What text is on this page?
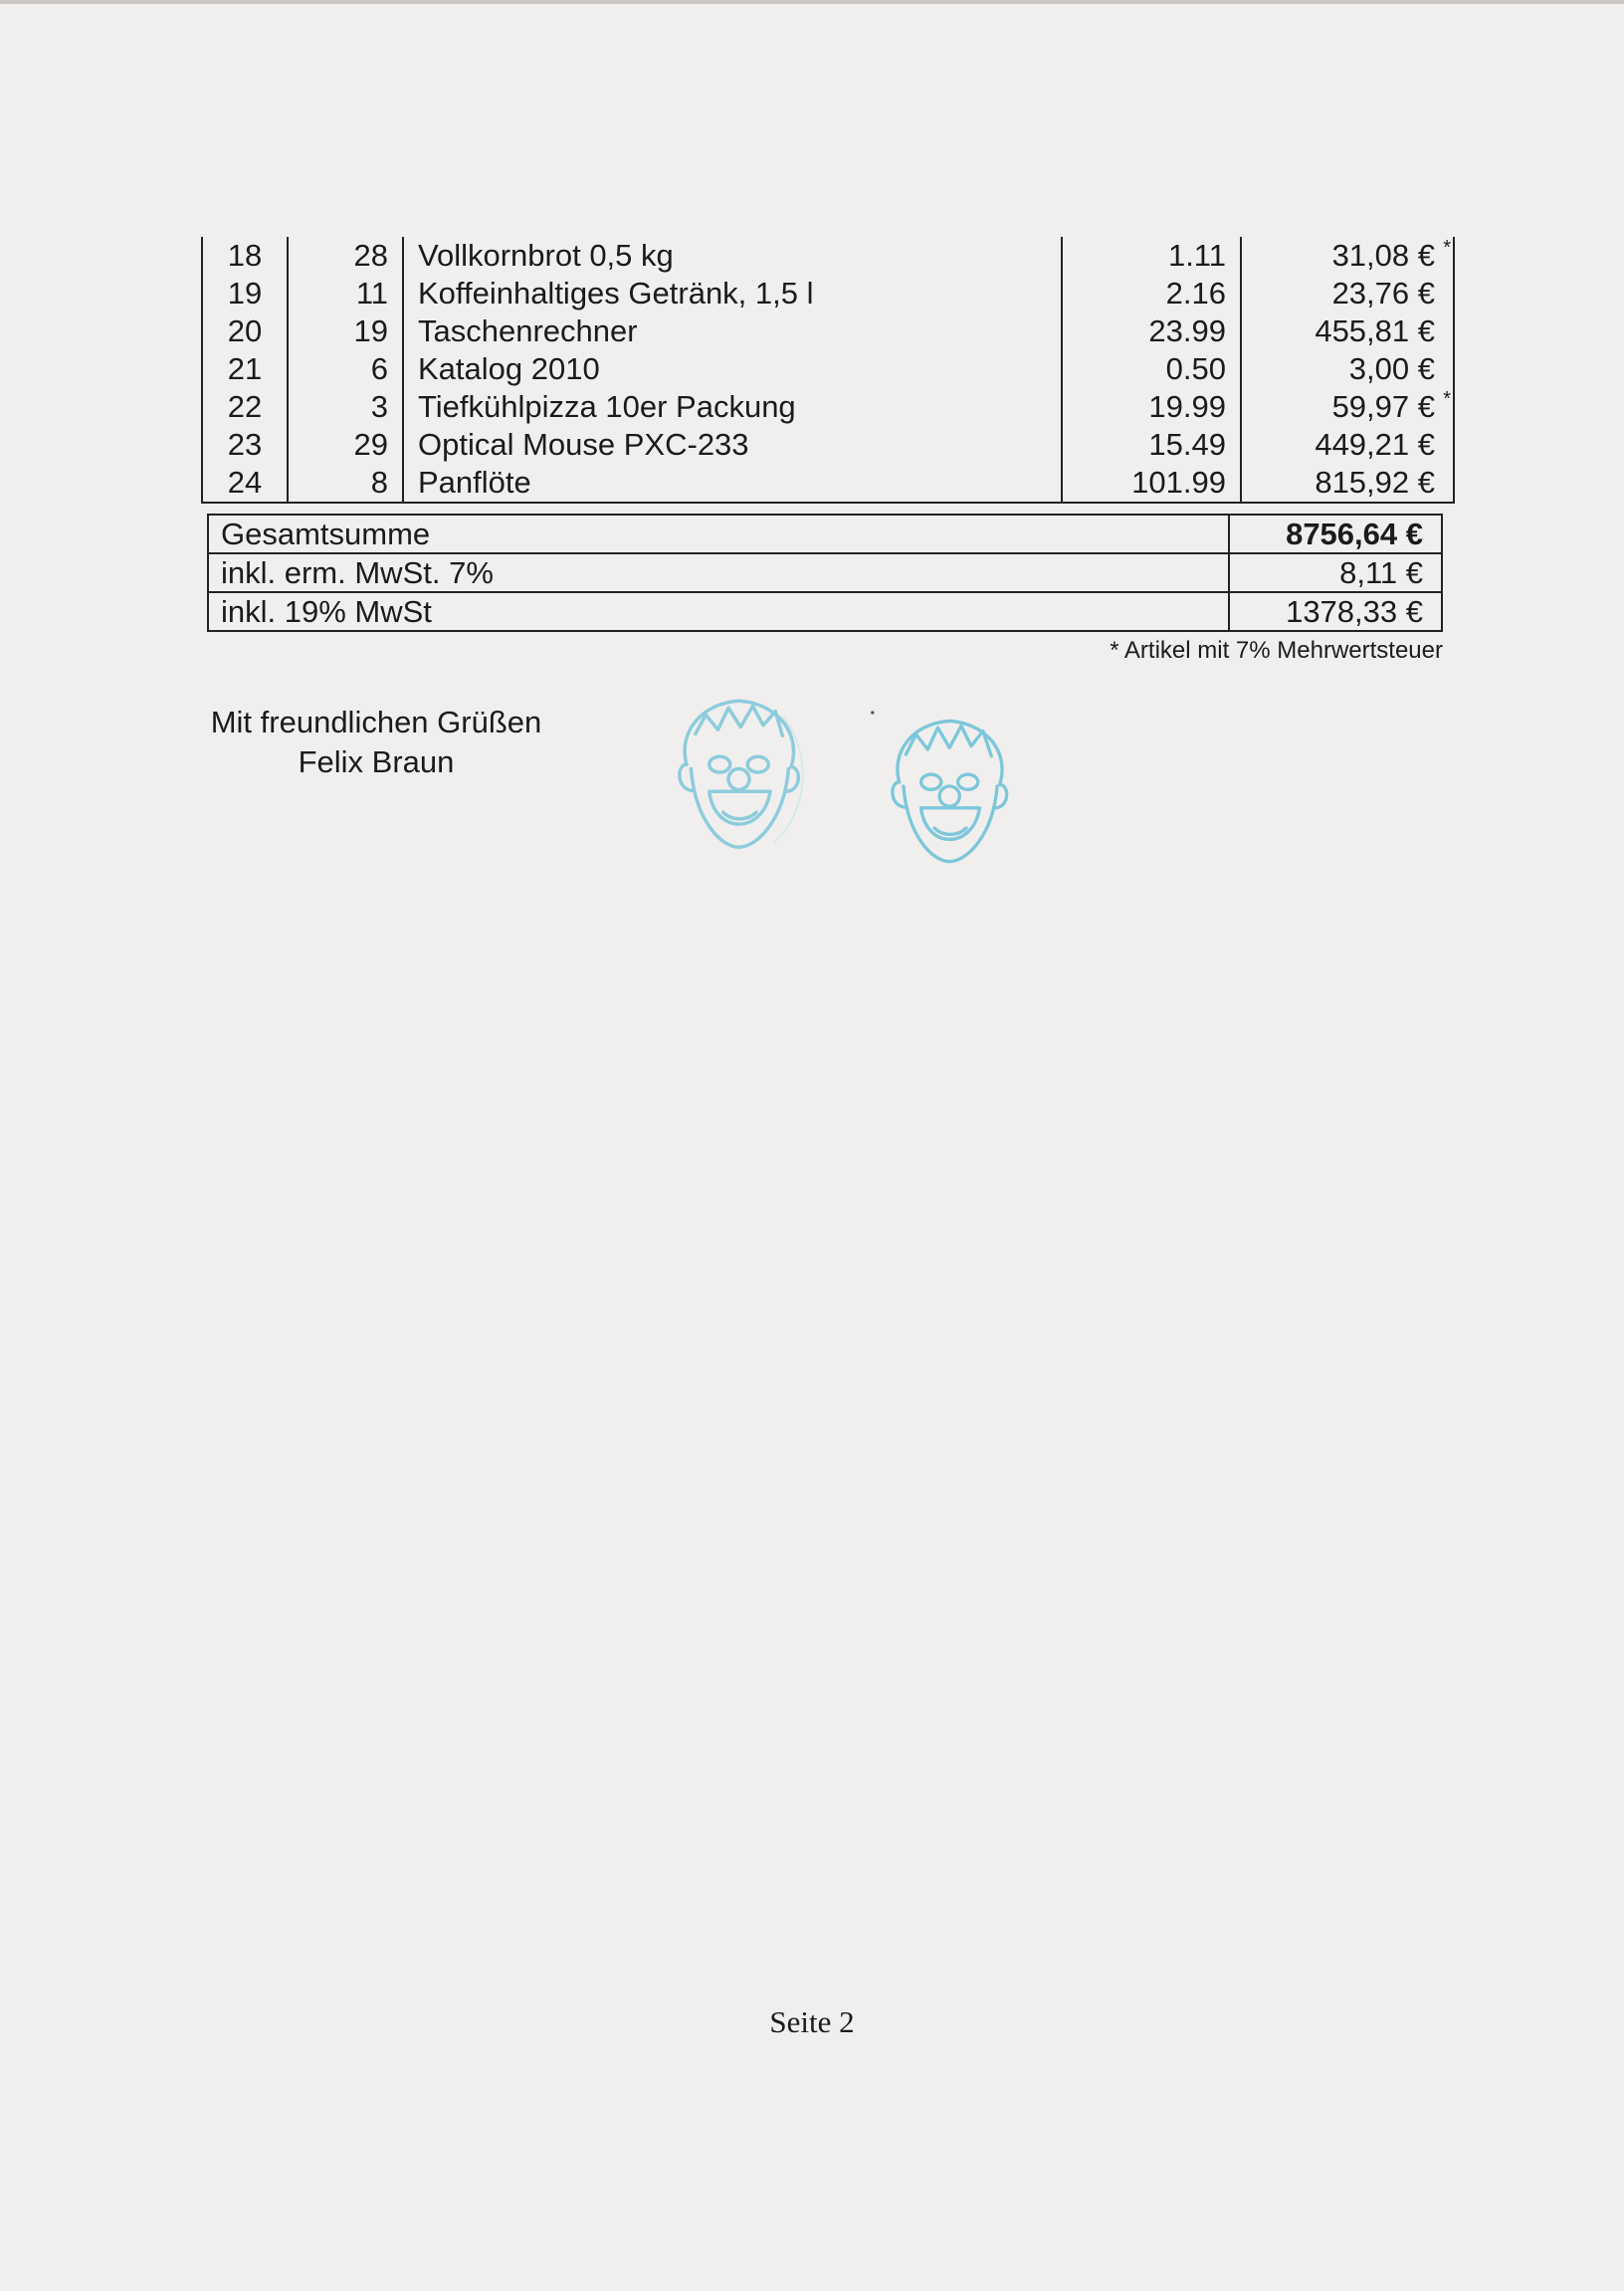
18	28	Vollkornbrot 0,5 kg	1.11	31,08 € *

19	11	Koffeinhaltiges Getränk, 1,5 l	2.16	23,76 €

20	19	Taschenrechner	23.99	455,81 €

21	6	Katalog 2010	0.50	3,00 €

22	3	Tiefkühlpizza 10er Packung	19.99	59,97 € *

23	29	Optical Mouse PXC-233	15.49	449,21 €

24	8	Panflöte	101.99	815,92 €
Gesamtsumme	8756,64 €
inkl. erm. MwSt. 7%	8,11 €
inkl. 19% MwSt	1378,33 €
* Artikel mit 7% Mehrwertsteuer
Mit freundlichen Grüßen
Felix Braun
Seite 2
